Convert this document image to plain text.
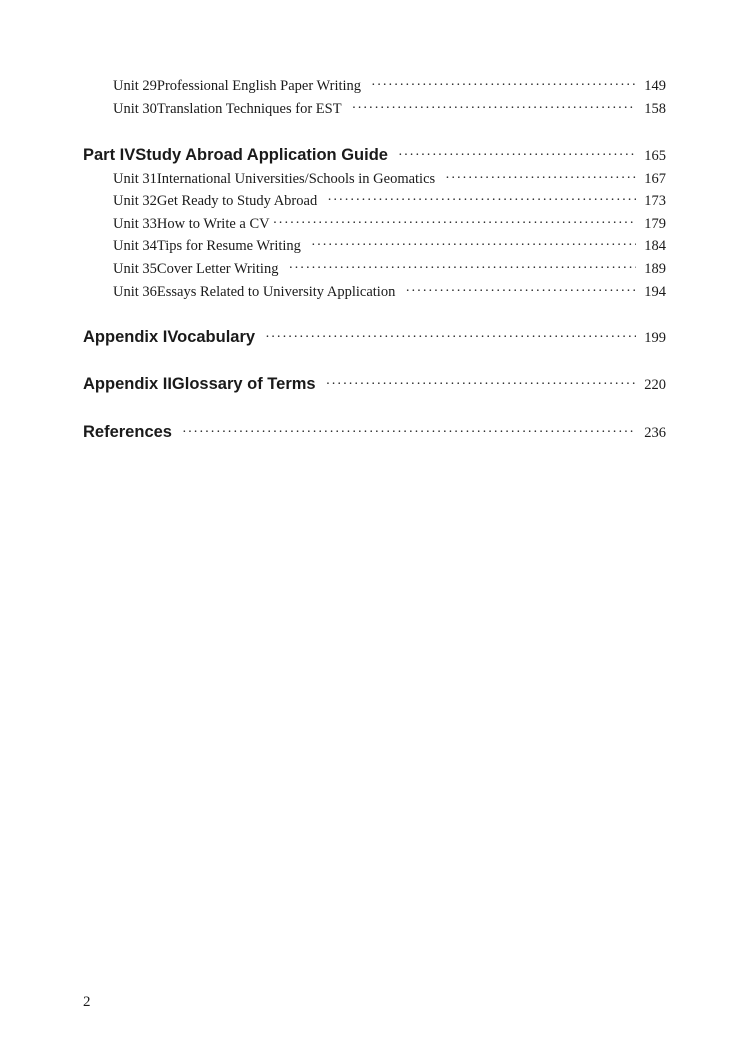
Unit 29 Professional English Paper Writing ·····	149
Unit 30 Translation Techniques for EST ·····	158
Part IV Study Abroad Application Guide ·····	165
Unit 31 International Universities/Schools in Geomatics ·····	167
Unit 32 Get Ready to Study Abroad ·····	173
Unit 33 How to Write a CV ·····	179
Unit 34 Tips for Resume Writing ·····	184
Unit 35 Cover Letter Writing ·····	189
Unit 36 Essays Related to University Application ·····	194
Appendix I Vocabulary ·····	199
Appendix II Glossary of Terms ·····	220
References ·····	236
2
